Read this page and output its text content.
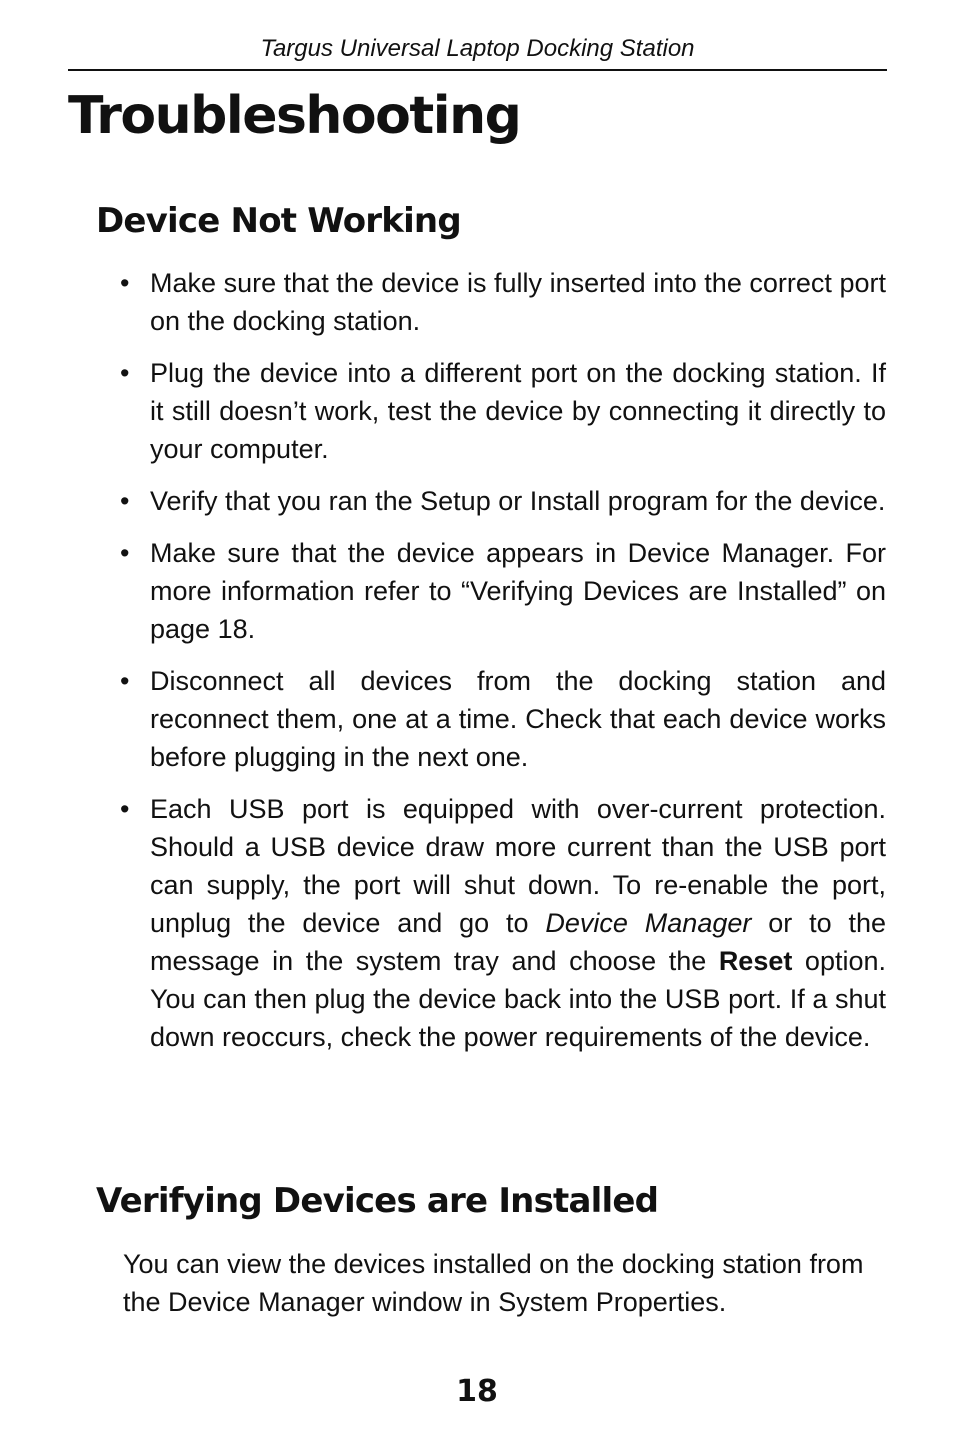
Targus Universal Laptop Docking Station
Troubleshooting
Device Not Working
• Make sure that the device is fully inserted into the correct port on the docking station.
• Plug the device into a different port on the docking station. If it still doesn’t work, test the device by connecting it directly to your computer.
• Verify that you ran the Setup or Install program for the device.
• Make sure that the device appears in Device Manager. For more information refer to “Verifying Devices are Installed” on page 18.
• Disconnect all devices from the docking station and reconnect them, one at a time. Check that each device works before plugging in the next one.
• Each USB port is equipped with over-current protection. Should a USB device draw more current than the USB port can supply, the port will shut down. To re-enable the port, unplug the device and go to Device Manager or to the message in the system tray and choose the Reset option. You can then plug the device back into the USB port. If a shut down reoccurs, check the power requirements of the device.
Verifying Devices are Installed

You can view the devices installed on the docking station from the Device Manager window in System Properties.

18
